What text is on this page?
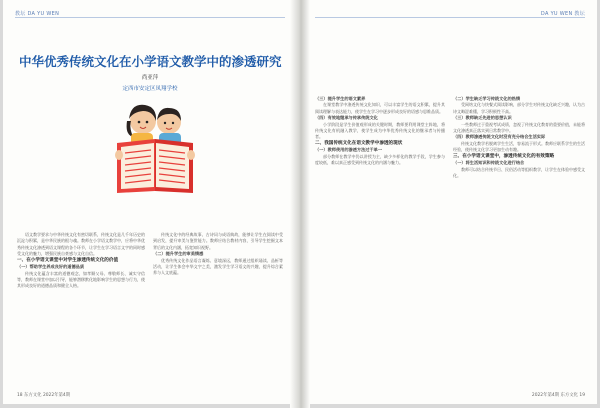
教坛 DA YU WEN
中华优秀传统文化在小学语文教学中的渗透研究
尚亚萍
定西市安定区凤翔学校

语文教学要求与中华传统文化有密切联系，传统文化是几千年历史的沉淀与积累，是中华民族的根与魂。教师在小学语文教学中，应将中华优秀传统文化渗透到语文课程的各个环节，让学生在学习语言文字的同时感受文化的魅力，增强民族自豪感与文化自信。

一、在小学语文课堂中对学生渗透传统文化的价值

（一）帮助学生养成良好的道德品质

传统文化蕴含丰富的道德观念，如孝顺父母、尊敬师长、诚实守信等，教师在课堂中加以引导，能够潜移默化地影响学生的思想与行为，使其形成良好的道德品质和健全人格。

传统文化中的经典故事、古诗词与成语典故，能够让学生在阅读中受到启发，提升审美与鉴赏能力。教师应结合教材内容，引导学生挖掘文本背后的文化内涵，拓宽知识视野。

（二）提升学生的审美情感

优秀传统文化作品语言凝练、意境深远，教师通过组织诵读、品析等活动，让学生体会中华文字之美，激发学生学习语文的兴趣，提升综合素养与人文底蕴。

18 东方文化 2022年第4期
DA YU WEN 教坛

（三）提升学生的语文素养

在课堂教学中渗透传统文化知识，可以丰富学生的语文积累，提升其阅读理解与表达能力，使学生在学习中逐步形成良好的语感与思维品质。

（四）有效地继承与传承传统文化

小学阶段是学生价值观形成的关键时期，教师要利用课堂主阵地，将传统文化有机融入教学，使学生成为中华优秀传统文化的继承者与传播者。

二、我国传统文化在语文教学中渗透的现状

（一）教师使用的渗透方法过于单一

部分教师在教学中仍以讲授为主，缺少多样化的教学手段，学生参与度较低，难以真正感受到传统文化的内涵与魅力。

（二）学生缺乏学习传统文化的热情

受网络文化与快餐式阅读影响，部分学生对传统文化缺乏兴趣，认为古诗文晦涩难懂，学习积极性不高。

（三）教师缺乏先进的思想认识

一些教师过于重视考试成绩，忽视了传统文化教育的重要价值，未能将文化渗透真正落实到日常教学中。

（四）教师渗透传统文化时没有充分结合生活实际

传统文化教学若脱离学生生活，容易流于形式。教师应联系学生的生活经验，使传统文化学习更加生动有趣。

三、在小学语文课堂中，渗透传统文化的有效策略

（一）将生活知识和传统文化进行结合

教师可以结合传统节日、民俗活动等组织教学，让学生在体验中感受文化。

2022年第4期 东方文化 19
